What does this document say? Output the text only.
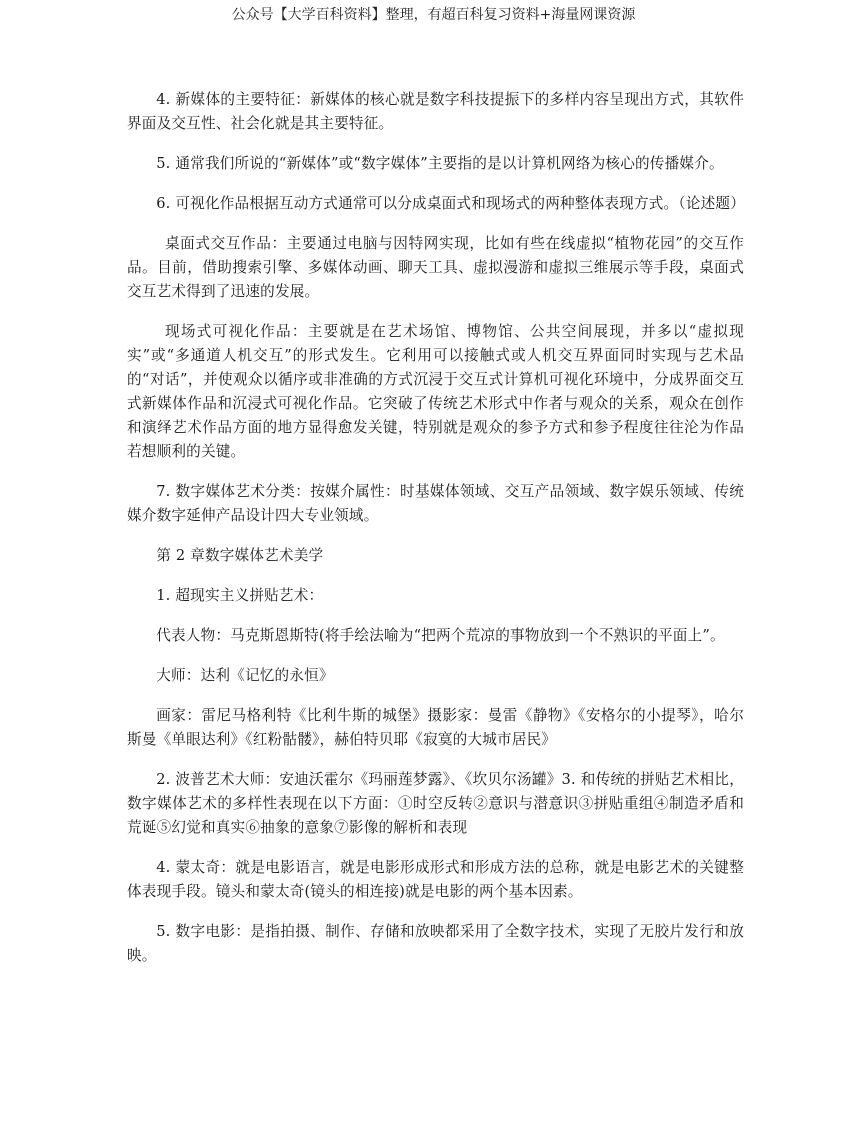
公众号【大学百科资料】整理，有超百科复习资料+海量网课资源

4. 新媒体的主要特征：新媒体的核心就是数字科技提振下的多样内容呈现出方式，其软件界面及交互性、社会化就是其主要特征。

5. 通常我们所说的“新媒体”或“数字媒体”主要指的是以计算机网络为核心的传播媒介。

6. 可视化作品根据互动方式通常可以分成桌面式和现场式的两种整体表现方式。（论述题）

桌面式交互作品：主要通过电脑与因特网实现，比如有些在线虚拟“植物花园”的交互作品。目前，借助搜索引擎、多媒体动画、聊天工具、虚拟漫游和虚拟三维展示等手段，桌面式交互艺术得到了迅速的发展。

现场式可视化作品：主要就是在艺术场馆、博物馆、公共空间展现，并多以“虚拟现实”或“多通道人机交互”的形式发生。它利用可以接触式或人机交互界面同时实现与艺术品的“对话”，并使观众以循序或非准确的方式沉浸于交互式计算机可视化环境中，分成界面交互式新媒体作品和沉浸式可视化作品。它突破了传统艺术形式中作者与观众的关系，观众在创作和演绎艺术作品方面的地方显得愈发关键，特别就是观众的参予方式和参予程度往往沦为作品若想顺利的关键。

7. 数字媒体艺术分类：按媒介属性：时基媒体领域、交互产品领域、数字娱乐领域、传统媒介数字延伸产品设计四大专业领域。

第 2 章数字媒体艺术美学

1. 超现实主义拼贴艺术：

代表人物：马克斯恩斯特(将手绘法喻为“把两个荒凉的事物放到一个不熟识的平面上”。

大师：达利《记忆的永恒》

画家：雷尼马格利特《比利牛斯的城堡》摄影家：曼雷《静物》《安格尔的小提琴》，哈尔斯曼《单眼达利》《红粉骷髅》，赫伯特贝耶《寂寞的大城市居民》

2. 波普艺术大师：安迪沃霍尔《玛丽莲梦露》、《坎贝尔汤罐》3. 和传统的拼贴艺术相比，数字媒体艺术的多样性表现在以下方面：①时空反转②意识与潜意识③拼贴重组④制造矛盾和荒诞⑤幻觉和真实⑥抽象的意象⑦影像的解析和表现

4. 蒙太奇：就是电影语言，就是电影形成形式和形成方法的总称，就是电影艺术的关键整体表现手段。镜头和蒙太奇(镜头的相连接)就是电影的两个基本因素。

5. 数字电影：是指拍摄、制作、存储和放映都采用了全数字技术，实现了无胶片发行和放映。
